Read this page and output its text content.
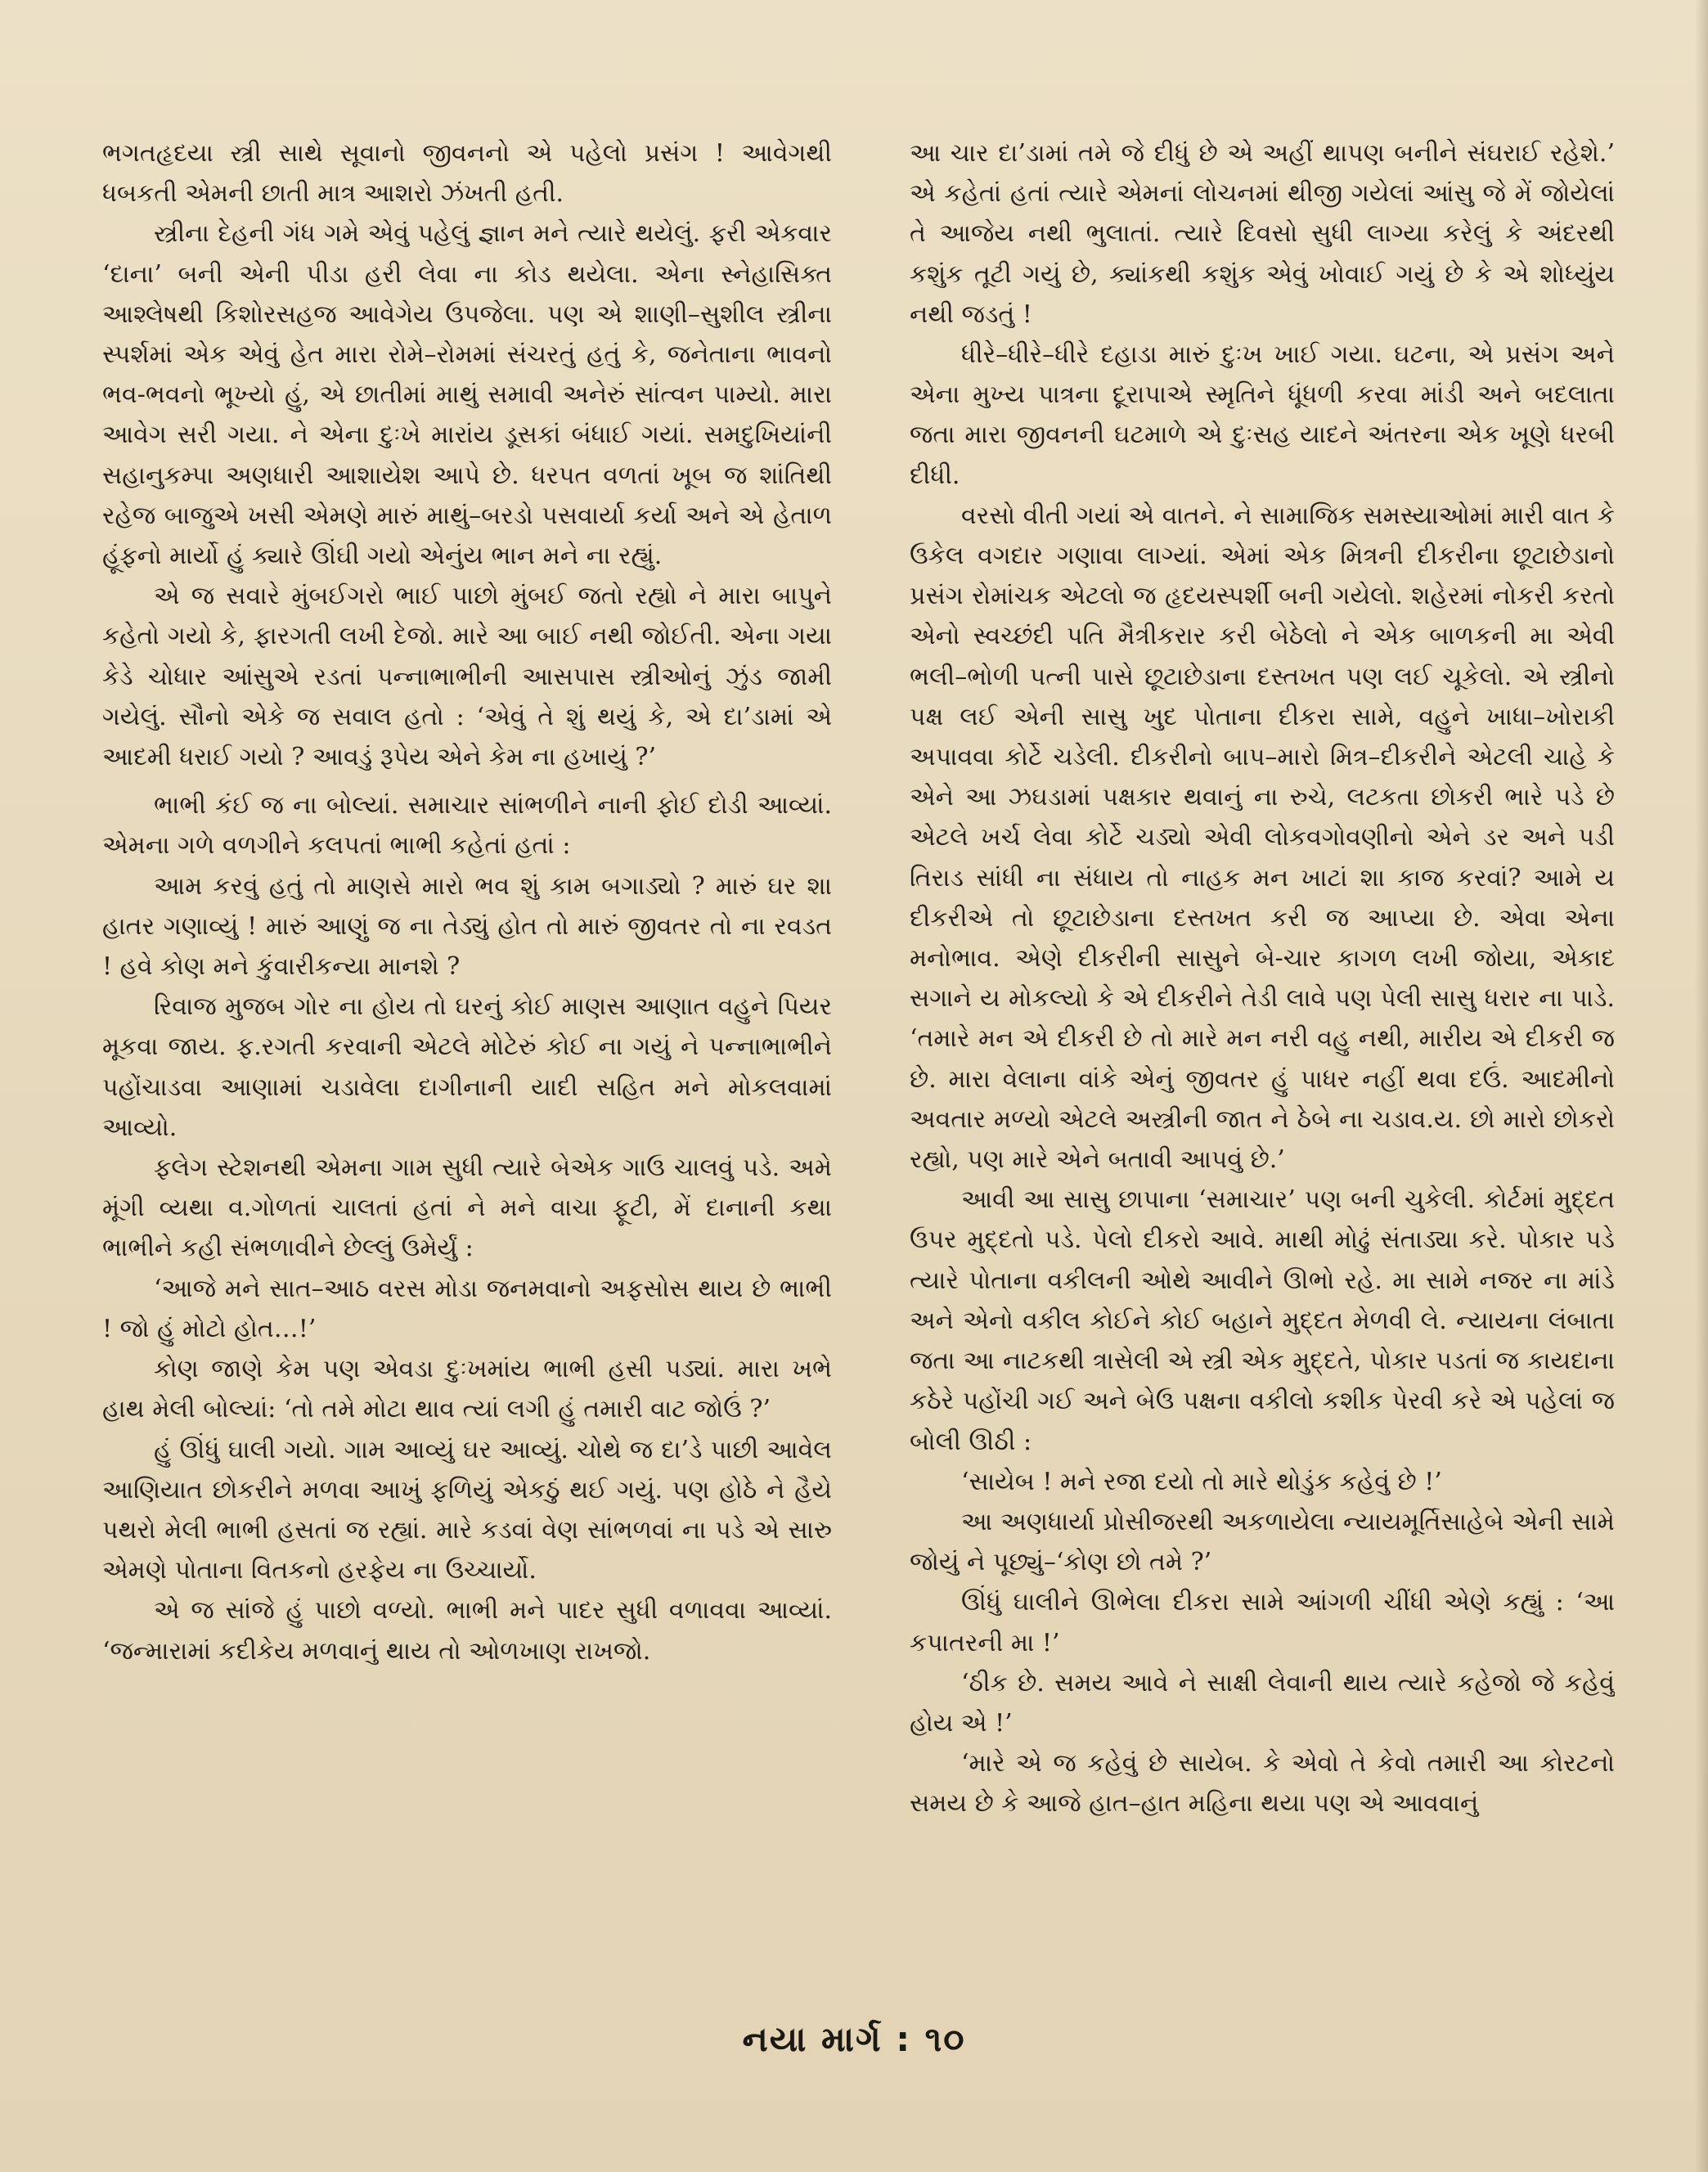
ભગતહૃદયા સ્ત્રી સાથે સૂવાનો જીવનનો એ પહેલો પ્રસંગ ! આવેગથી ધબકતી એમની છાતી માત્ર આશરો ઝંખતી હતી.

સ્ત્રીના દેહની ગંધ ગમે એવું પહેલું જ્ઞાન મને ત્યારે થયેલું. ફરી એકવાર ‘દાના’ બની એની પીડા હરી લેવા ના કોડ થયેલા. એના સ્નેહાસિક્ત આશ્લેષથી કિશોરસહજ આવેગેય ઉપજેલા. પણ એ શાણી–સુશીલ સ્ત્રીના સ્પર્શમાં એક એવું હેત મારા રોમે–રોમમાં સંચરતું હતું કે, જનેતાના ભાવનો ભવ-ભવનો ભૂખ્યો હું, એ છાતીમાં માથું સમાવી અનેરું સાંત્વન પામ્યો. મારા આવેગ સરી ગયા. ને એના દુઃખે મારાંય ડૂસકાં બંધાઈ ગયાં. સમદુખિયાંની સહાનુકમ્પા અણધારી આશાયેશ આપે છે. ધરપત વળતાં ખૂબ જ શાંતિથી રહેજ બાજુએ ખસી એમણે મારું માથું–બરડો પસવાર્યા કર્યા અને એ હેતાળ હૂંફનો માર્યો હું ક્યારે ઊંઘી ગયો એનુંય ભાન મને ના રહ્યું.

એ જ સવારે મુંબઈગરો ભાઈ પાછો મુંબઈ જતો રહ્યો ને મારા બાપુને કહેતો ગયો કે, ફારગતી લખી દેજો. મારે આ બાઈ નથી જોઈતી. એના ગયા કેડે ચોધાર આંસુએ રડતાં પન્નાભાભીની આસપાસ સ્ત્રીઓનું ઝુંડ જામી ગયેલું. સૌનો એકે જ સવાલ હતો : ‘એવું તે શું થયું કે, એ દા’ડામાં એ આદમી ધરાઈ ગયો ? આવડું રૂપેય એને કેમ ના હખાયું ?’

ભાભી કંઈ જ ના બોલ્યાં. સમાચાર સાંભળીને નાની ફોઈ દોડી આવ્યાં. એમના ગળે વળગીને કલપતાં ભાભી કહેતાં હતાં :

આમ કરવું હતું તો માણસે મારો ભવ શું કામ બગાડ્યો ? મારું ઘર શા હાતર ગણાવ્યું ! મારું આણું જ ના તેડ્યું હોત તો મારું જીવતર તો ના રવડત ! હવે કોણ મને કુંવારીકન્યા માનશે ?

રિવાજ મુજબ ગોર ના હોય તો ઘરનું કોઈ માણસ આણાત વહુને પિયર મૂકવા જાય. ફ.રગતી કરવાની એટલે મોટેરું કોઈ ના ગયું ને પન્નાભાભીને પહોંચાડવા આણામાં ચડાવેલા દાગીનાની યાદી સહિત મને મોકલવામાં આવ્યો.

ફલેગ સ્ટેશનથી એમના ગામ સુધી ત્યારે બેએક ગાઉ ચાલવું પડે. અમે મૂંગી વ્યથા વ.ગોળતાં ચાલતાં હતાં ને મને વાચા ફૂટી, મેં દાનાની કથા ભાભીને કહી સંભળાવીને છેલ્લું ઉમેર્યું :

‘આજે મને સાત–આઠ વરસ મોડા જનમવાનો અફસોસ થાય છે ભાભી ! જો હું મોટો હોત…!’

કોણ જાણે કેમ પણ એવડા દુઃખમાંય ભાભી હસી પડ્યાં. મારા ખભે હાથ મેલી બોલ્યાં: ‘તો તમે મોટા થાવ ત્યાં લગી હું તમારી વાટ જોઉં ?’

હું ઊંધું ઘાલી ગયો. ગામ આવ્યું ઘર આવ્યું. ચોથે જ દા’ડે પાછી આવેલ આણિયાત છોકરીને મળવા આખું ફળિયું એકઠું થઈ ગયું. પણ હોઠે ને હૈયે પથરો મેલી ભાભી હસતાં જ રહ્યાં. મારે કડવાં વેણ સાંભળવાં ના પડે એ સારુ એમણે પોતાના વિતકનો હરફેય ના ઉચ્ચાર્યો.

એ જ સાંજે હું પાછો વળ્યો. ભાભી મને પાદર સુધી વળાવવા આવ્યાં. ‘જન્મારામાં કદીકેય મળવાનું થાય તો ઓળખાણ રાખજો.

આ ચાર દા’ડામાં તમે જે દીધું છે એ અહીં થાપણ બનીને સંઘરાઈ રહેશે.’ એ કહેતાં હતાં ત્યારે એમનાં લોચનમાં થીજી ગયેલાં આંસુ જે મેં જોયેલાં તે આજેય નથી ભુલાતાં. ત્યારે દિવસો સુધી લાગ્યા કરેલું કે અંદરથી કશુંક તૂટી ગયું છે, ક્યાંકથી કશુંક એવું ખોવાઈ ગયું છે કે એ શોધ્યુંય નથી જડતું !

ધીરે–ધીરે–ધીરે દહાડા મારું દુઃખ ખાઈ ગયા. ઘટના, એ પ્રસંગ અને એના મુખ્ય પાત્રના દૂરાપાએ સ્મૃતિને ધૂંધળી કરવા માંડી અને બદલાતા જતા મારા જીવનની ઘટમાળે એ દુઃસહ યાદને અંતરના એક ખૂણે ધરબી દીધી.

વરસો વીતી ગયાં એ વાતને. ને સામાજિક સમસ્યાઓમાં મારી વાત કે ઉકેલ વગદાર ગણાવા લાગ્યાં. એમાં એક મિત્રની દીકરીના છૂટાછેડાનો પ્રસંગ રોમાંચક એટલો જ હૃદયસ્પર્શી બની ગયેલો. શહેરમાં નોકરી કરતો એનો સ્વચ્છંદી પતિ મૈત્રીકરાર કરી બેઠેલો ને એક બાળકની મા એવી ભલી–ભોળી પત્ની પાસે છૂટાછેડાના દસ્તખત પણ લઈ ચૂકેલો. એ સ્ત્રીનો પક્ષ લઈ એની સાસુ ખુદ પોતાના દીકરા સામે, વહુને ખાધા–ખોરાકી અપાવવા કોર્ટે ચડેલી. દીકરીનો બાપ–મારો મિત્ર–દીકરીને એટલી ચાહે કે એને આ ઝઘડામાં પક્ષકાર થવાનું ના રુચે, લટકતા છોકરી ભારે પડે છે એટલે ખર્ચ લેવા કોર્ટે ચડ્યો એવી લોકવગોવણીનો એને ડર અને પડી તિરાડ સાંધી ના સંધાય તો નાહક મન ખાટાં શા કાજ કરવાં? આમે ય દીકરીએ તો છૂટાછેડાના દસ્તખત કરી જ આપ્યા છે. એવા એના મનોભાવ. એણે દીકરીની સાસુને બે-ચાર કાગળ લખી જોયા, એકાદ સગાને ય મોકલ્યો કે એ દીકરીને તેડી લાવે પણ પેલી સાસુ ધરાર ના પાડે. ‘તમારે મન એ દીકરી છે તો મારે મન નરી વહુ નથી, મારીય એ દીકરી જ છે. મારા વેલાના વાંકે એનું જીવતર હું પાધર નહીં થવા દઉં. આદમીનો અવતાર મળ્યો એટલે અસ્ત્રીની જાત ને ઠેબે ના ચડાવ.ય. છો મારો છોકરો રહ્યો, પણ મારે એને બતાવી આપવું છે.’

આવી આ સાસુ છાપાના ‘સમાચાર’ પણ બની ચુકેલી. કોર્ટમાં મુદ્દત ઉપર મુદ્દતો પડે. પેલો દીકરો આવે. માથી મોઢું સંતાડ્યા કરે. પોકાર પડે ત્યારે પોતાના વકીલની ઓથે આવીને ઊભો રહે. મા સામે નજર ના માંડે અને એનો વકીલ કોઈને કોઈ બહાને મુદ્દત મેળવી લે. ન્યાયના લંબાતા જતા આ નાટકથી ત્રાસેલી એ સ્ત્રી એક મુદ્દતે, પોકાર પડતાં જ કાયદાના કઠેરે પહોંચી ગઈ અને બેઉ પક્ષના વકીલો કશીક પેરવી કરે એ પહેલાં જ બોલી ઊઠી :

‘સાયેબ ! મને રજા દયો તો મારે થોડુંક કહેવું છે !’

આ અણધાર્યા પ્રોસીજરથી અકળાયેલા ન્યાયમૂર્તિસાહેબે એની સામે જોયું ને પૂછ્યું–‘કોણ છો તમે ?’

ઊંધું ઘાલીને ઊભેલા દીકરા સામે આંગળી ચીંધી એણે કહ્યું : ‘આ કપાતરની મા !’

‘ઠીક છે. સમય આવે ને સાક્ષી લેવાની થાય ત્યારે કહેજો જે કહેવું હોય એ !’

‘મારે એ જ કહેવું છે સાયેબ. કે એવો તે કેવો તમારી આ કોરટનો સમય છે કે આજે હાત–હાત મહિના થયા પણ એ આવવાનું

નયા માર્ગ : ૧૦
